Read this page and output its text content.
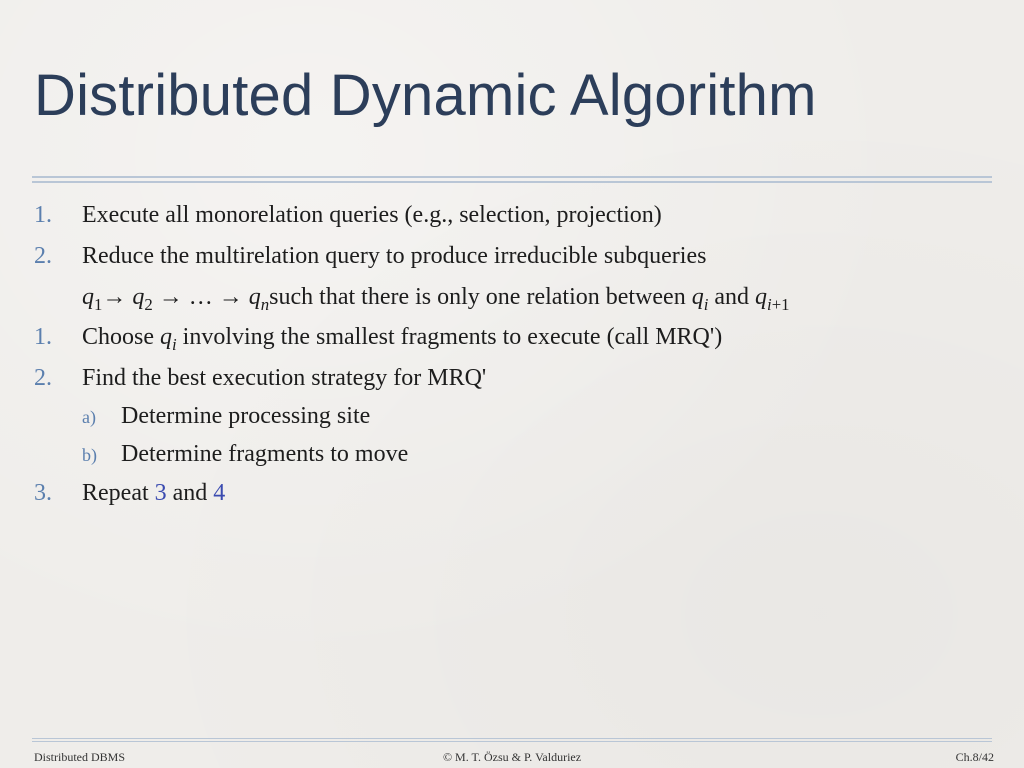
Distributed Dynamic Algorithm
1. Execute all monorelation queries (e.g., selection, projection)
2. Reduce the multirelation query to produce irreducible subqueries
$q_1\to q_2$ → … → $q_nsuch$ that there is only one relation between $q_i$ and $q_{i+1}$
1. Choose $q_i$ involving the smallest fragments to execute (call MRQ')
2. Find the best execution strategy for MRQ'
a) Determine processing site
b) Determine fragments to move
3. Repeat 3 and 4
Distributed DBMS	© M. T. Özsu & P. Valduriez	Ch.8/42
